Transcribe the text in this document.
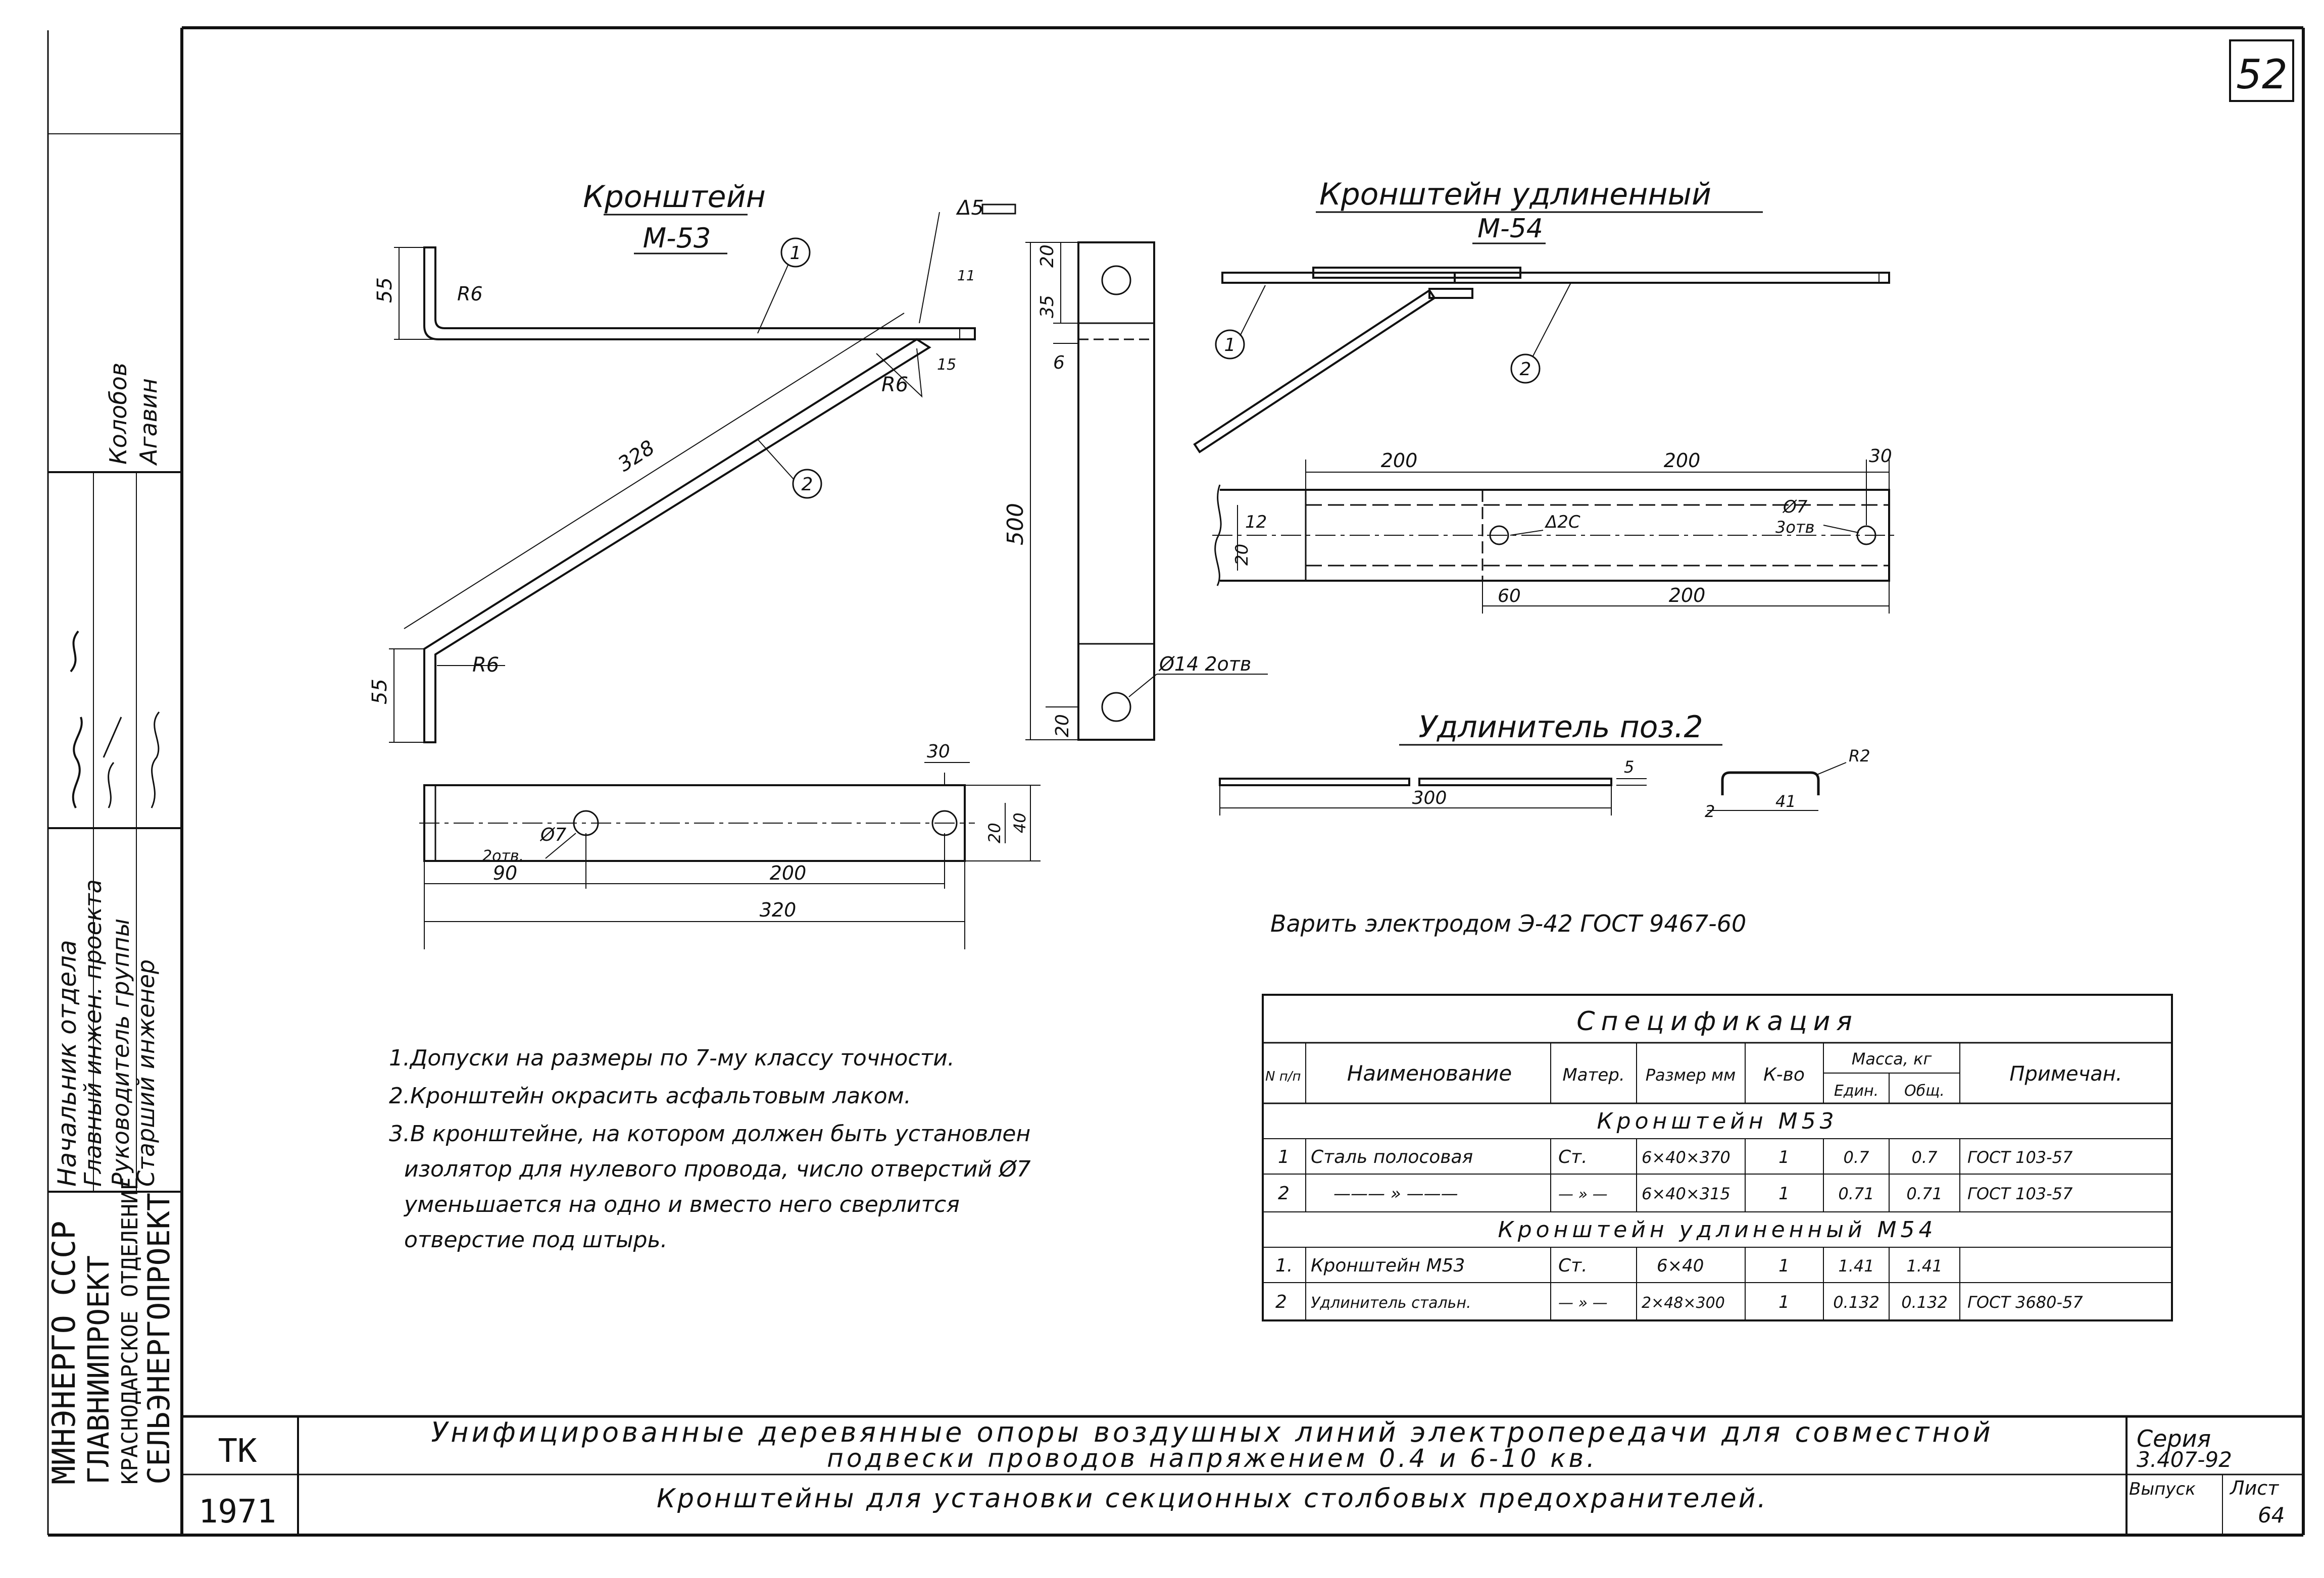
52
МИНЭНЕРГО СССР
ГЛАВНИИПРОЕКТ КРАСНОДАРСКОЕ ОТДЕЛЕНИЕ
СЕЛЬЭНЕРГОПРОЕКТ
Начальник отдела
Главный инжен. проекта Руководитель группы
Старший инженер
Колобов Агавин
ТК
1971
Унифицированные деревянные опоры воздушных линий электропередачи для совместной
подвески проводов напряжением 0.4 и 6-10 кв.
Кронштейны для установки секционных столбовых предохранителей.
Серия
3.407-92
Выпуск Лист
64
Кронштейн
М-53
Δ5
55	R6
328
55
R6
R6
15
11
1
2
20
35
6
500
Ø14 2отв
20
Ø7
2отв.
90	200
320
30
20 40
Кронштейн удлиненный
М-54
1
2
200	200	30
12
20
Δ2С
Ø7
3отв
60	200
Удлинитель поз.2
300
5
R2
2
41
Варить электродом Э-42 ГОСТ 9467-60
1.Допуски на размеры по 7-му классу точности.
2.Кронштейн окрасить асфальтовым лаком.
3.В кронштейне, на котором должен быть установлен
изолятор для нулевого провода, число отверстий Ø7
уменьшается на одно и вместо него сверлится
отверстие под штырь.
Спецификация
N п/п Наименование	Матер. Размер мм К-во
Масса, кг
Един. Общ.
Примечан.
Кронштейн М53
Кронштейн удлиненный М54
1 Сталь полосовая	Ст.	6×40×370	1	0.7	0.7 ГОСТ 103-57
2	——— » ———	— » — 6×40×315	1	0.71 0.71 ГОСТ 103-57
1. Кронштейн М53	Ст.	6×40	1	1.41 1.41
2 Удлинитель стальн.	— » — 2×48×300	1	0.132 0.132 ГОСТ 3680-57
